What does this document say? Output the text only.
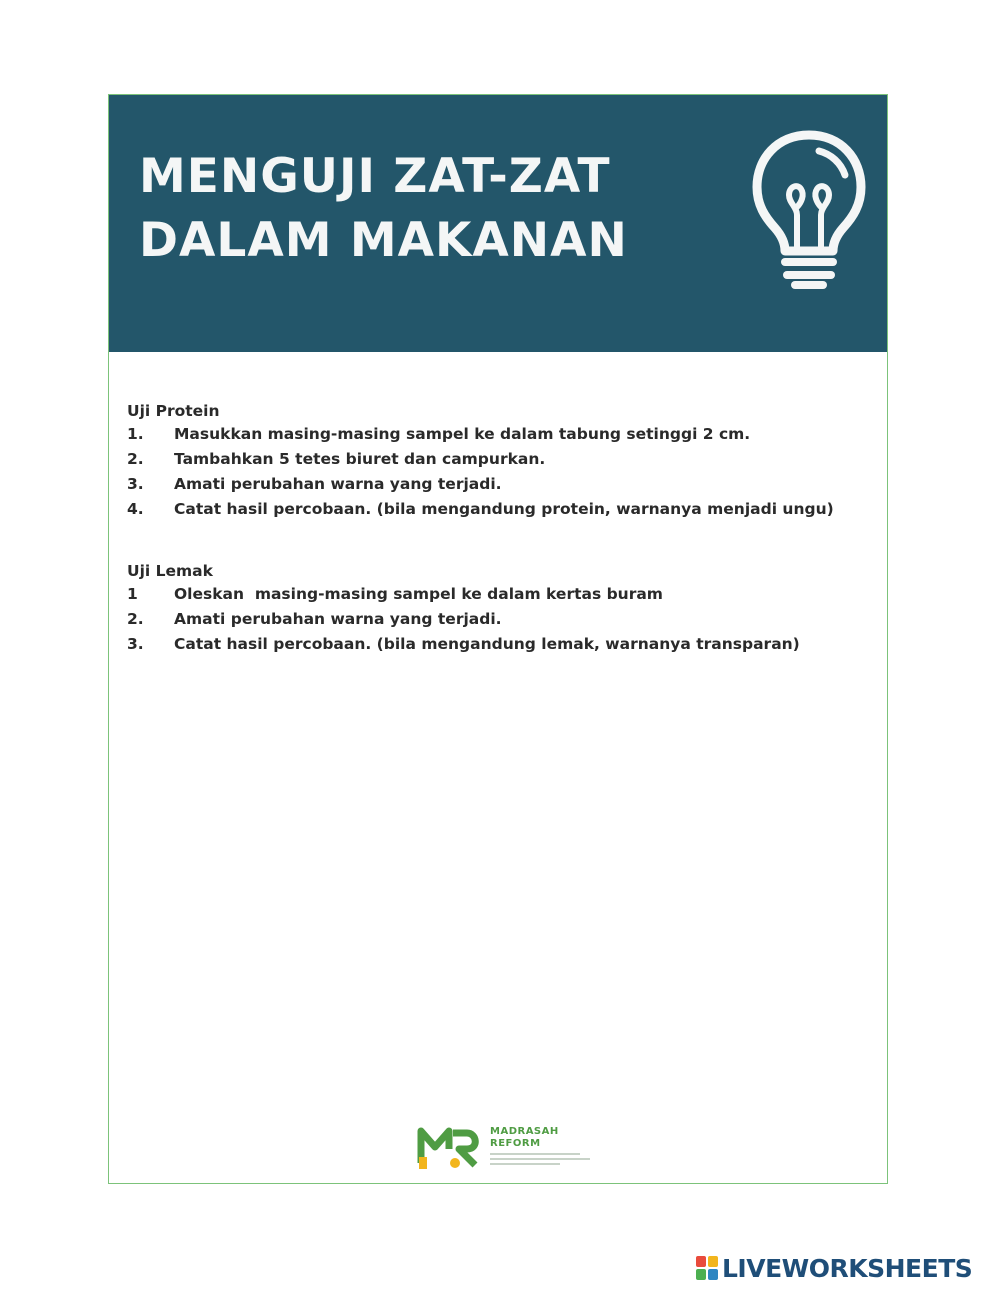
MENGUJI ZAT-ZAT
DALAM MAKANAN

Uji Protein

1.	Masukkan masing-masing sampel ke dalam tabung setinggi 2 cm.
2.	Tambahkan 5 tetes biuret dan campurkan.
3.	Amati perubahan warna yang terjadi.
4.	Catat hasil percobaan. (bila mengandung protein, warnanya menjadi ungu)

Uji Lemak

1	Oleskan  masing-masing sampel ke dalam kertas buram
2.	Amati perubahan warna yang terjadi.
3.	Catat hasil percobaan. (bila mengandung lemak, warnanya transparan)
MADRASAH
REFORM
LIVEWORKSHEETS
